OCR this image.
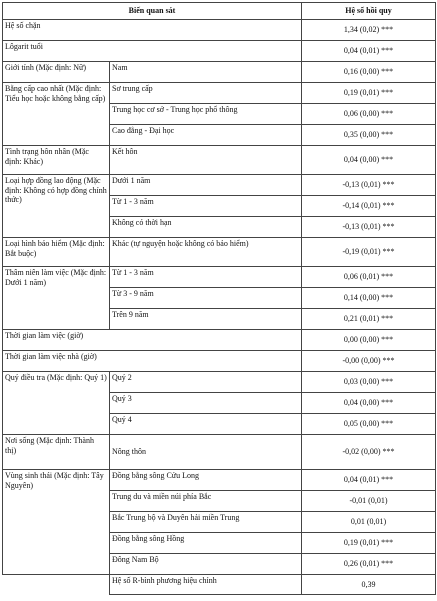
Biến quan sát		Hệ số hồi quy
Hệ số chặn		1,34 (0,02) ***
Lôgarit tuổi		0,04 (0,01) ***
Giới tính (Mặc định: Nữ)	Nam	0,16 (0,00) ***
Bằng cấp cao nhất (Mặc định: Tiểu học hoặc không bằng cấp)	Sơ trung cấp	0,19 (0,01) ***
	Trung học cơ sở - Trung học phổ thông	0,06 (0,00) ***
	Cao đẳng - Đại học	0,35 (0,00) ***
Tình trạng hôn nhân (Mặc định: Khác)	Kết hôn	0,04 (0,00) ***
Loại hợp đồng lao động (Mặc định: Không có hợp đồng chính thức)	Dưới 1 năm	-0,13 (0,01) ***
	Từ 1 - 3 năm	-0,14 (0,01) ***
	Không có thời hạn	-0,13 (0,01) ***
Loại hình bảo hiểm (Mặc định: Bắt buộc)	Khác (tự nguyện hoặc không có bảo hiểm)	-0,19 (0,01) ***
Thâm niên làm việc (Mặc định: Dưới 1 năm)	Từ 1 - 3 năm	0,06 (0,01) ***
	Từ 3 - 9 năm	0,14 (0,00) ***
	Trên 9 năm	0,21 (0,01) ***
Thời gian làm việc (giờ)		0,00 (0,00) ***
Thời gian làm việc nhà (giờ)		-0,00 (0,00) ***
Quý điều tra (Mặc định: Quý 1)	Quý 2	0,03 (0,00) ***
	Quý 3	0,04 (0,00) ***
	Quý 4	0,05 (0,00) ***
Nơi sống (Mặc định: Thành thị)	Nông thôn	-0,02 (0,00) ***
Vùng sinh thái (Mặc định: Tây Nguyên)	Đồng bằng sông Cửu Long	0,04 (0,01) ***
	Trung du và miền núi phía Bắc	-0,01 (0,01)
	Bắc Trung bộ và Duyên hải miền Trung	0,01 (0,01)
	Đồng bằng sông Hồng	0,19 (0,01) ***
	Đông Nam Bộ	0,26 (0,01) ***
	Hệ số R-bình phương hiệu chỉnh	0,39
